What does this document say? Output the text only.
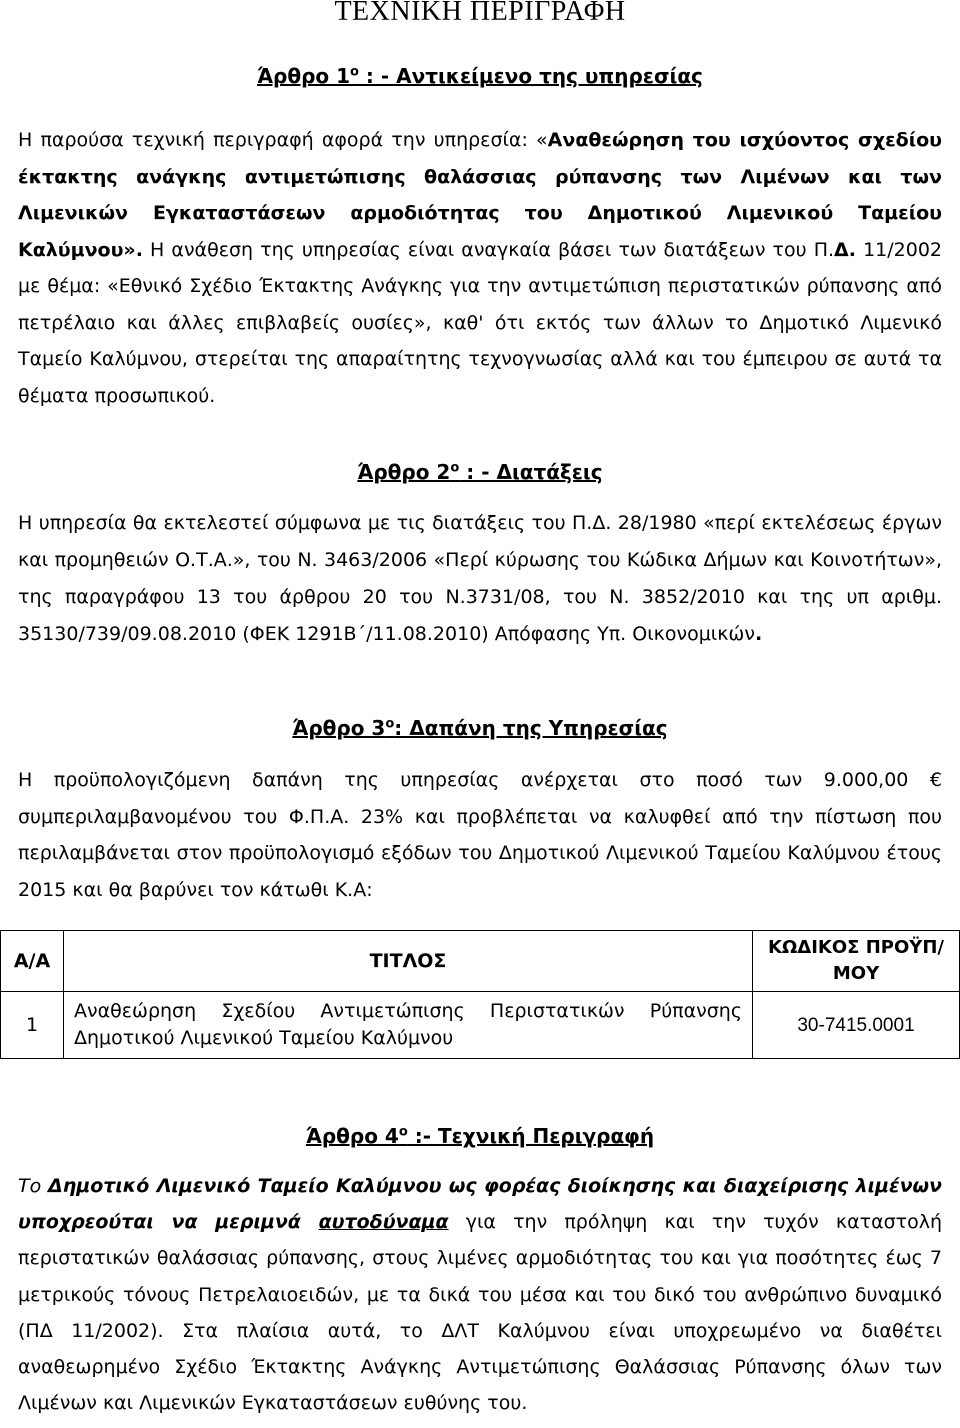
ΤΕΧΝΙΚΗ ΠΕΡΙΓΡΑΦΗ
Άρθρο $1^o$ : - Αντικείμενο της υπηρεσίας

Η παρούσα τεχνική περιγραφή αφορά την υπηρεσία: «Αναθεώρηση του ισχύοντος σχεδίου έκτακτης ανάγκης αντιμετώπισης θαλάσσιας ρύπανσης των Λιμένων και των Λιμενικών Εγκαταστάσεων αρμοδιότητας του Δημοτικού Λιμενικού Ταμείου Καλύμνου». Η ανάθεση της υπηρεσίας είναι αναγκαία βάσει των διατάξεων του Π.Δ. 11/2002 με θέμα: «Εθνικό Σχέδιο Έκτακτης Ανάγκης για την αντιμετώπιση περιστατικών ρύπανσης από πετρέλαιο και άλλες επιβλαβείς ουσίες», καθ' ότι εκτός των άλλων το Δημοτικό Λιμενικό Ταμείο Καλύμνου, στερείται της απαραίτητης τεχνογνωσίας αλλά και του έμπειρου σε αυτά τα θέματα προσωπικού.

Άρθρο $2^o$ : - Διατάξεις

Η υπηρεσία θα εκτελεστεί σύμφωνα με τις διατάξεις του Π.Δ. 28/1980 «περί εκτελέσεως έργων και προμηθειών Ο.Τ.Α.», του Ν. 3463/2006 «Περί κύρωσης του Κώδικα Δήμων και Κοινοτήτων», της παραγράφου 13 του άρθρου 20 του Ν.3731/08, του Ν. 3852/2010 και της υπ αριθμ. 35130/739/09.08.2010 (ΦΕΚ 1291Β΄/11.08.2010) Απόφασης Υπ. Οικονομικών.

Άρθρο $3^o$: Δαπάνη της Υπηρεσίας

Η προϋπολογιζόμενη δαπάνη της υπηρεσίας ανέρχεται στο ποσό των 9.000,00 € συμπεριλαμβανομένου του Φ.Π.Α. 23% και προβλέπεται να καλυφθεί από την πίστωση που περιλαμβάνεται στον προϋπολογισμό εξόδων του Δημοτικού Λιμενικού Ταμείου Καλύμνου έτους 2015 και θα βαρύνει τον κάτωθι Κ.Α:

Α/Α	ΤΙΤΛΟΣ	ΚΩΔΙΚΟΣ ΠΡΟΫΠ/ΜΟΥ
1	Αναθεώρηση Σχεδίου Αντιμετώπισης Περιστατικών Ρύπανσης Δημοτικού Λιμενικού Ταμείου Καλύμνου	30-7415.0001
Άρθρο $4^o$ :- Τεχνική Περιγραφή

Το Δημοτικό Λιμενικό Ταμείο Καλύμνου ως φορέας διοίκησης και διαχείρισης λιμένων υποχρεούται να μεριμνά αυτοδύναμα για την πρόληψη και την τυχόν καταστολή περιστατικών θαλάσσιας ρύπανσης, στους λιμένες αρμοδιότητας του και για ποσότητες έως 7 μετρικούς τόνους Πετρελαιοειδών, με τα δικά του μέσα και του δικό του ανθρώπινο δυναμικό (ΠΔ 11/2002). Στα πλαίσια αυτά, το ΔΛΤ Καλύμνου είναι υποχρεωμένο να διαθέτει αναθεωρημένο Σχέδιο Έκτακτης Ανάγκης Αντιμετώπισης Θαλάσσιας Ρύπανσης όλων των Λιμένων και Λιμενικών Εγκαταστάσεων ευθύνης του.
